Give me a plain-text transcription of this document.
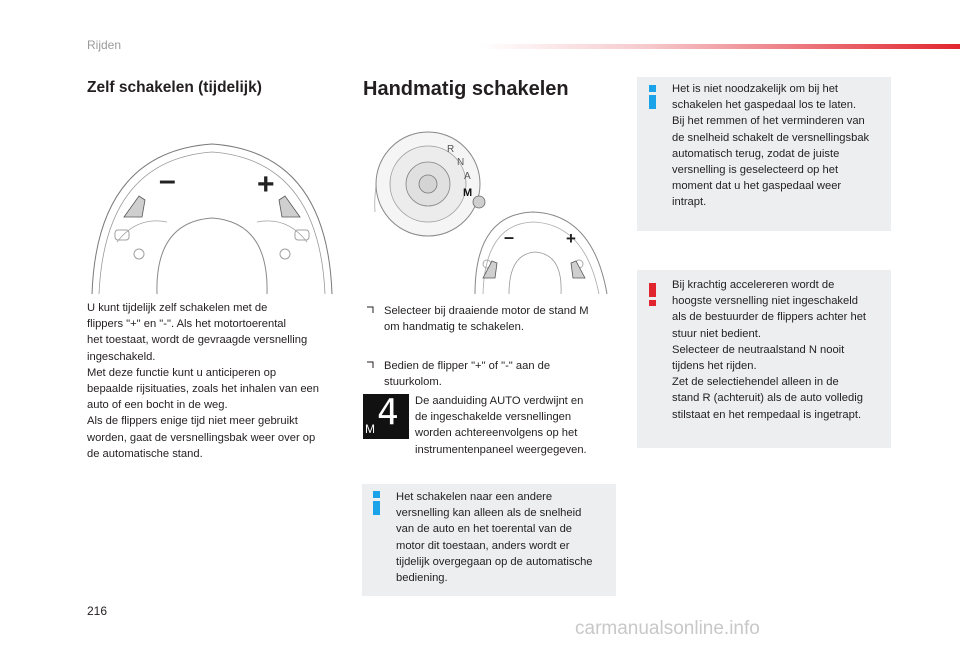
Rijden
Zelf schakelen (tijdelijk)
–	+

U kunt tijdelijk zelf schakelen met de

flippers "+" en "-". Als het motortoerental

het toestaat, wordt de gevraagde versnelling

ingeschakeld.

Met deze functie kunt u anticiperen op

bepaalde rijsituaties, zoals het inhalen van een

auto of een bocht in de weg.

Als de flippers enige tijd niet meer gebruikt

worden, gaat de versnellingsbak weer over op

de automatische stand.

Handmatig schakelen
R
N
A
M
–	+

Selecteer bij draaiende motor de stand M

om handmatig te schakelen.

Bedien de flipper "+" of "-" aan de

stuurkolom.

4
M

De aanduiding AUTO verdwijnt en

de ingeschakelde versnellingen

worden achtereenvolgens op het

instrumentenpaneel weergegeven.

Het schakelen naar een andere

versnelling kan alleen als de snelheid

van de auto en het toerental van de

motor dit toestaan, anders wordt er

tijdelijk overgegaan op de automatische

bediening.

Het is niet noodzakelijk om bij het

schakelen het gaspedaal los te laten.

Bij het remmen of het verminderen van

de snelheid schakelt de versnellingsbak

automatisch terug, zodat de juiste

versnelling is geselecteerd op het

moment dat u het gaspedaal weer

intrapt.

Bij krachtig accelereren wordt de

hoogste versnelling niet ingeschakeld

als de bestuurder de flippers achter het

stuur niet bedient.

Selecteer de neutraalstand N nooit

tijdens het rijden.

Zet de selectiehendel alleen in de

stand R (achteruit) als de auto volledig

stilstaat en het rempedaal is ingetrapt.

216
carmanualsonline.info
